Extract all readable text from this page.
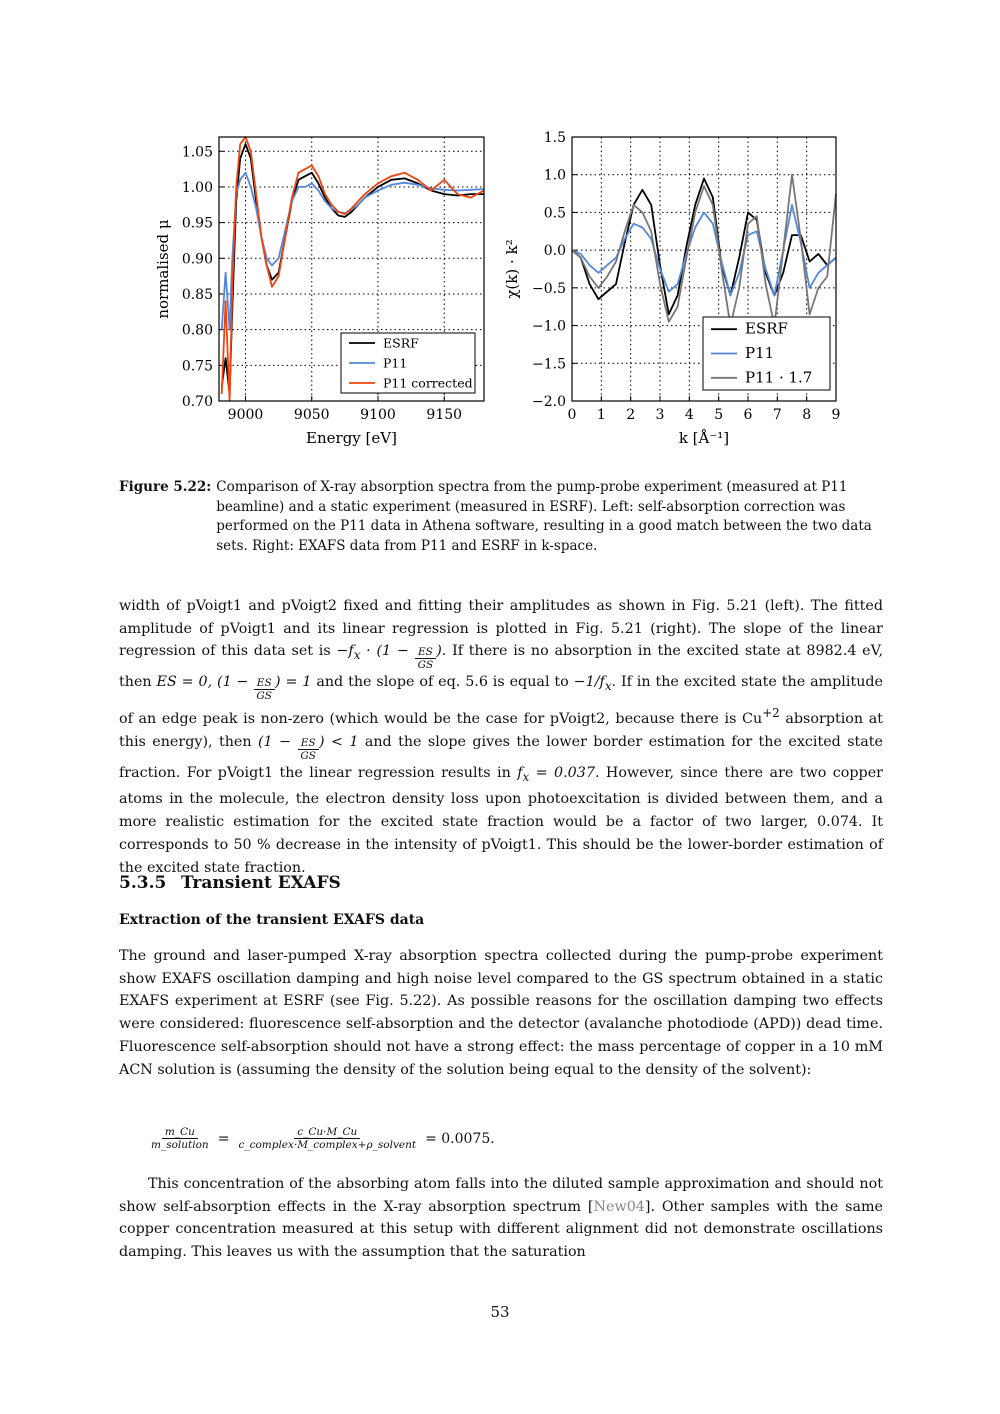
9000 9050 9100 9150
0.70
0.75
0.80
0.85
0.90
0.95
1.00
1.05
Energy [eV]
normalised μ
ESRF
P11
P11 corrected
0 1 2 3 4 5 6 7 8 9
−2.0
−1.5
−1.0
−0.5
0.0
0.5
1.0
1.5
k [Å⁻¹]
χ(k) · k²
ESRF
P11
P11 · 1.7
Figure 5.22: Comparison of X-ray absorption spectra from the pump-probe experiment (measured at P11 beamline) and a static experiment (measured in ESRF). Left: self-absorption correction was performed on the P11 data in Athena software, resulting in a good match between the two data sets. Right: EXAFS data from P11 and ESRF in k-space.

width of pVoigt1 and pVoigt2 fixed and fitting their amplitudes as shown in Fig. 5.21 (left). The fitted amplitude of pVoigt1 and its linear regression is plotted in Fig. 5.21 (right). The slope of the linear regression of this data set is $-f_x \cdot (1 - \frac{ES}{GS}$ ). If there is no absorption in the excited state at 8982.4 eV, then ES = 0, ($1 - \frac{ES}{GS}$ ) = 1 and the slope of eq. 5.6 is equal to $-1/f_x$. If in the excited state the amplitude of an edge peak is non-zero (which would be the case for pVoigt2, because there is $Cu^{+2}$ absorption at this energy), then ($1 - \frac{ES}{GS}$ ) < 1 and the slope gives the lower border estimation for the excited state fraction. For pVoigt1 the linear regression results in $f_x = 0.037$. However, since there are two copper atoms in the molecule, the electron density loss upon photoexcitation is divided between them, and a more realistic estimation for the excited state fraction would be a factor of two larger, 0.074. It corresponds to 50 % decrease in the intensity of pVoigt1. This should be the lower-border estimation of the excited state fraction.

5.3.5 Transient EXAFS
Extraction of the transient EXAFS data

The ground and laser-pumped X-ray absorption spectra collected during the pump-probe experiment show EXAFS oscillation damping and high noise level compared to the GS spectrum obtained in a static EXAFS experiment at ESRF (see Fig. 5.22). As possible reasons for the oscillation damping two effects were considered: fluorescence self-absorption and the detector (avalanche photodiode (APD)) dead time. Fluorescence self-absorption should not have a strong effect: the mass percentage of copper in a 10 mM ACN solution is (assuming the density of the solution being equal to the density of the solvent):

$\frac{m\_Cu}{\text{m\_solution}} = \frac{c\_Cu\cdot M\_Cu}{\text{c\_complex·M\_complex+ρ\_solvent}} = 0.0075$.

This concentration of the absorbing atom falls into the diluted sample approximation and should not show self-absorption effects in the X-ray absorption spectrum [New04]. Other samples with the same copper concentration measured at this setup with different alignment did not demonstrate oscillations damping. This leaves us with the assumption that the saturation

53
